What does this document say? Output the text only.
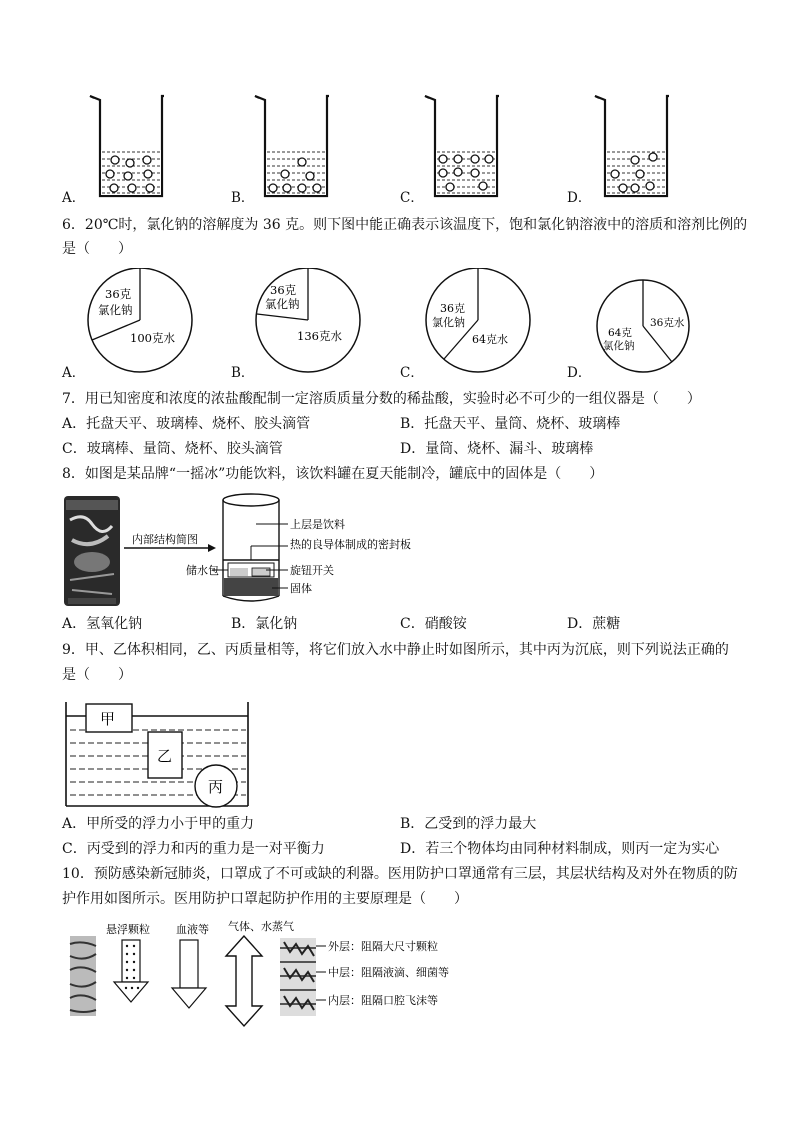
A．	B．	C．	D．
6．20℃时，氯化钠的溶解度为 36 克。则下图中能正确表示该温度下，饱和氯化钠溶液中的溶质和溶剂比例的
是（　　）
36克
氯化钠
100克水
36克
氯化钠
136克水
36克
氯化钠
64克水
36克水
64克
氯化钠
A．	B．	C．	D．
7．用已知密度和浓度的浓盐酸配制一定溶质质量分数的稀盐酸，实验时必不可少的一组仪器是（　　）
A．托盘天平、玻璃棒、烧杯、胶头滴管	B．托盘天平、量筒、烧杯、玻璃棒
C．玻璃棒、量筒、烧杯、胶头滴管	D．量筒、烧杯、漏斗、玻璃棒
8．如图是某品牌“一摇冰”功能饮料，该饮料罐在夏天能制冷，罐底中的固体是（　　）
内部结构简图
储水包
上层是饮料
热的良导体制成的密封板
旋钮开关
固体
A．氢氧化钠	B．氯化钠	C．硝酸铵	D．蔗糖
9．甲、乙体积相同，乙、丙质量相等，将它们放入水中静止时如图所示，其中丙为沉底，则下列说法正确的
是（　　）
甲
乙
丙
A．甲所受的浮力小于甲的重力	B．乙受到的浮力最大
C．丙受到的浮力和丙的重力是一对平衡力	D．若三个物体均由同种材料制成，则丙一定为实心
10．预防感染新冠肺炎，口罩成了不可或缺的利器。医用防护口罩通常有三层，其层状结构及对外在物质的防
护作用如图所示。医用防护口罩起防护作用的主要原理是（　　）
悬浮颗粒 血液等 气体、水蒸气
外层：阻隔大尺寸颗粒
中层：阻隔液滴、细菌等
内层：阻隔口腔飞沫等
